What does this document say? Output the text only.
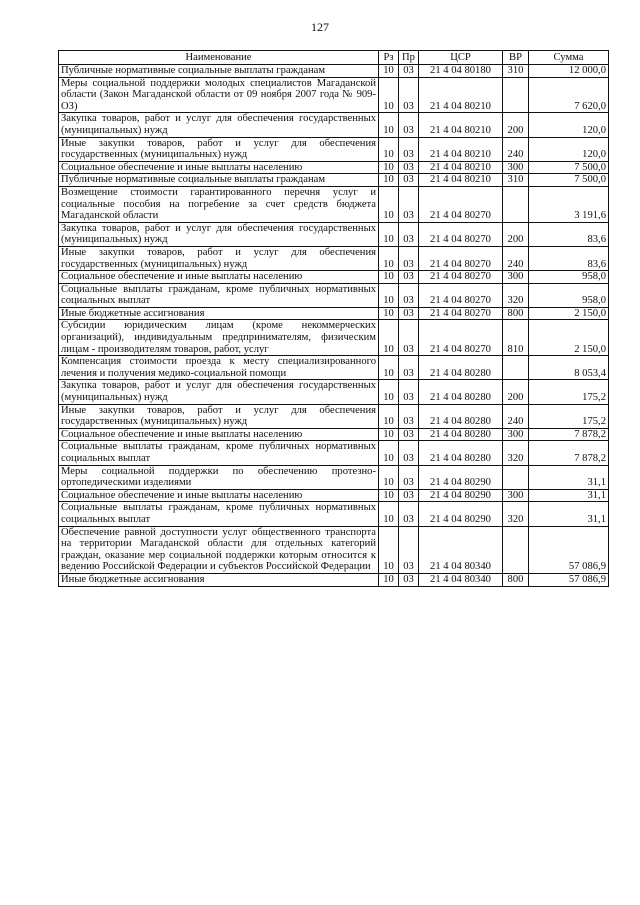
127
Наименование	Рз	Пр	ЦСР	ВР	Сумма
Публичные нормативные социальные выплаты гражданам	10	03	21 4 04 80180	310	12 000,0
Меры социальной поддержки молодых специалистов Магаданской области (Закон Магаданской области от 09 ноября 2007 года № 909-ОЗ)	10	03	21 4 04 80210		7 620,0
Закупка товаров, работ и услуг для обеспечения государственных (муниципальных) нужд	10	03	21 4 04 80210	200	120,0
Иные закупки товаров, работ и услуг для обеспечения государственных (муниципальных) нужд	10	03	21 4 04 80210	240	120,0
Социальное обеспечение и иные выплаты населению	10	03	21 4 04 80210	300	7 500,0
Публичные нормативные социальные выплаты гражданам	10	03	21 4 04 80210	310	7 500,0
Возмещение стоимости гарантированного перечня услуг и социальные пособия на погребение за счет средств бюджета Магаданской области	10	03	21 4 04 80270		3 191,6
Закупка товаров, работ и услуг для обеспечения государственных (муниципальных) нужд	10	03	21 4 04 80270	200	83,6
Иные закупки товаров, работ и услуг для обеспечения государственных (муниципальных) нужд	10	03	21 4 04 80270	240	83,6
Социальное обеспечение и иные выплаты населению	10	03	21 4 04 80270	300	958,0
Социальные выплаты гражданам, кроме публичных нормативных социальных выплат	10	03	21 4 04 80270	320	958,0
Иные бюджетные ассигнования	10	03	21 4 04 80270	800	2 150,0
Субсидии юридическим лицам (кроме некоммерческих организаций), индивидуальным предпринимателям, физическим лицам - производителям товаров, работ, услуг	10	03	21 4 04 80270	810	2 150,0
Компенсация стоимости проезда к месту специализированного лечения и получения медико-социальной помощи	10	03	21 4 04 80280		8 053,4
Закупка товаров, работ и услуг для обеспечения государственных (муниципальных) нужд	10	03	21 4 04 80280	200	175,2
Иные закупки товаров, работ и услуг для обеспечения государственных (муниципальных) нужд	10	03	21 4 04 80280	240	175,2
Социальное обеспечение и иные выплаты населению	10	03	21 4 04 80280	300	7 878,2
Социальные выплаты гражданам, кроме публичных нормативных социальных выплат	10	03	21 4 04 80280	320	7 878,2
Меры социальной поддержки по обеспечению протезно-ортопедическими изделиями	10	03	21 4 04 80290		31,1
Социальное обеспечение и иные выплаты населению	10	03	21 4 04 80290	300	31,1
Социальные выплаты гражданам, кроме публичных нормативных социальных выплат	10	03	21 4 04 80290	320	31,1
Обеспечение равной доступности услуг общественного транспорта на территории Магаданской области для отдельных категорий граждан, оказание мер социальной поддержки которым относится к ведению Российской Федерации и субъектов Российской Федерации	10	03	21 4 04 80340		57 086,9
Иные бюджетные ассигнования	10	03	21 4 04 80340	800	57 086,9
